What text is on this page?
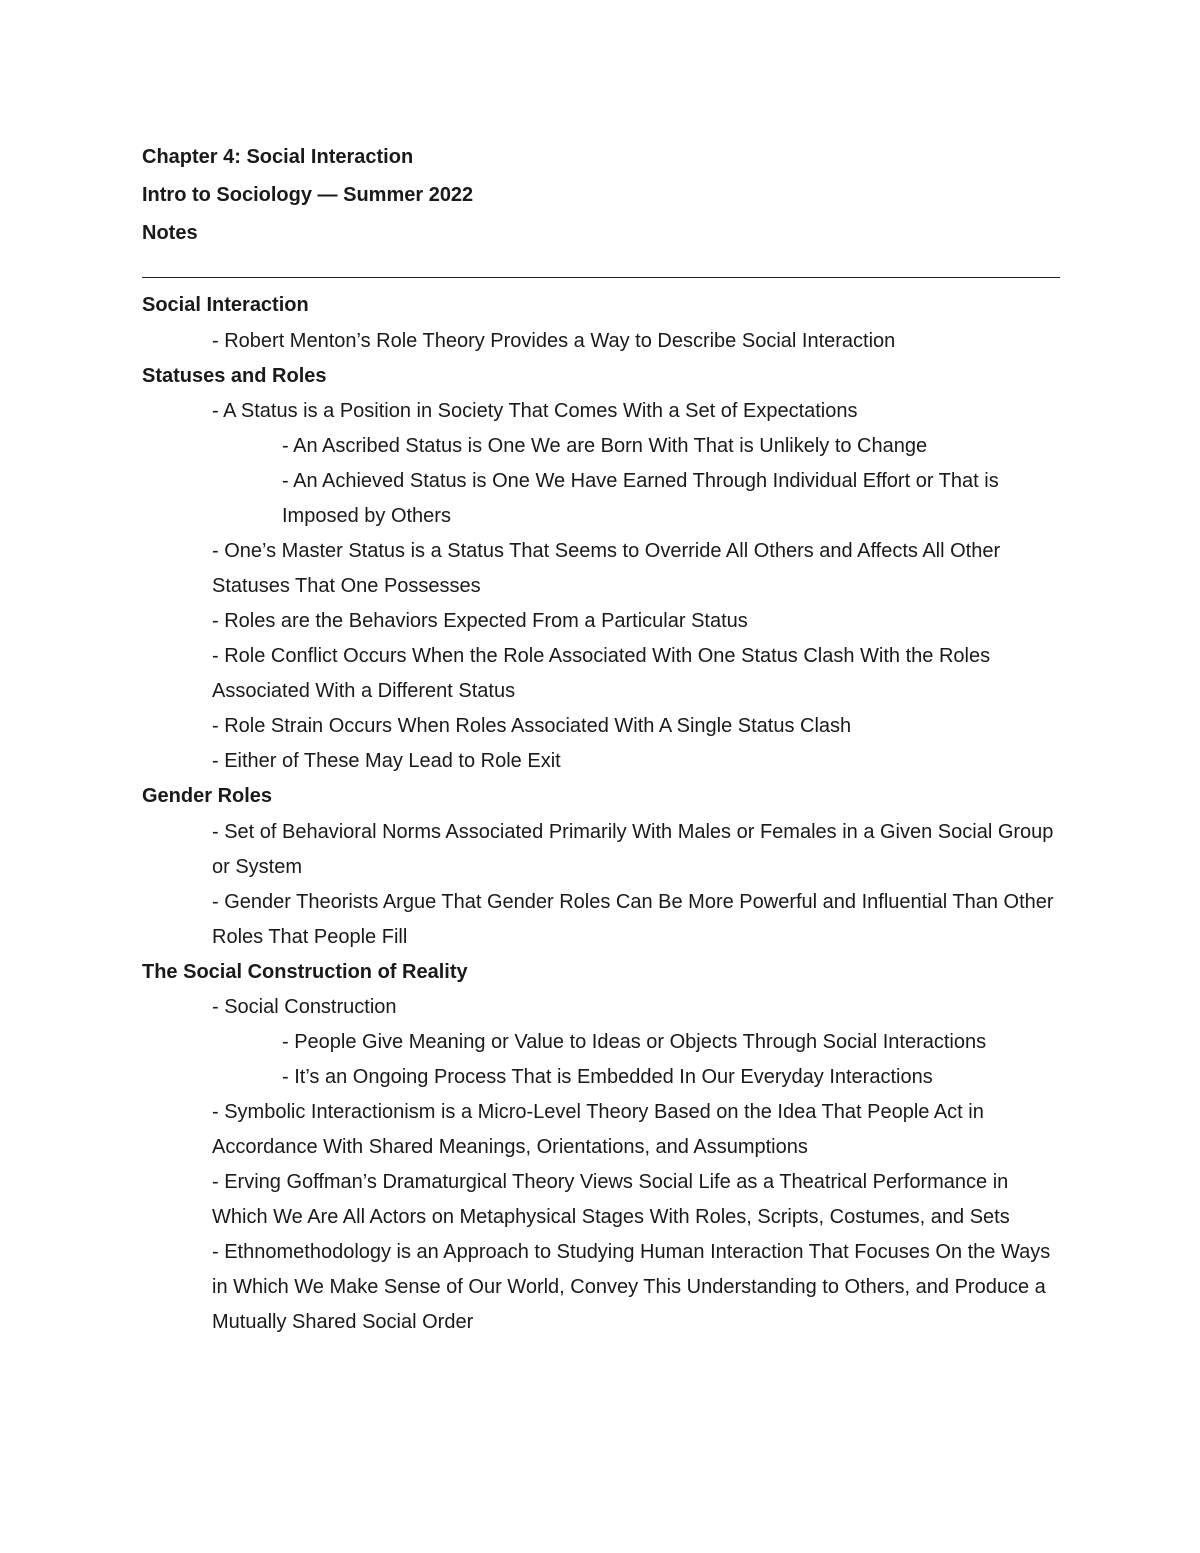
Chapter 4: Social Interaction
Intro to Sociology — Summer 2022
Notes
Social Interaction
- Robert Menton’s Role Theory Provides a Way to Describe Social Interaction
Statuses and Roles
- A Status is a Position in Society That Comes With a Set of Expectations
- An Ascribed Status is One We are Born With That is Unlikely to Change
- An Achieved Status is One We Have Earned Through Individual Effort or That is Imposed by Others
- One’s Master Status is a Status That Seems to Override All Others and Affects All Other Statuses That One Possesses
- Roles are the Behaviors Expected From a Particular Status
- Role Conflict Occurs When the Role Associated With One Status Clash With the Roles Associated With a Different Status
- Role Strain Occurs When Roles Associated With A Single Status Clash
- Either of These May Lead to Role Exit
Gender Roles
- Set of Behavioral Norms Associated Primarily With Males or Females in a Given Social Group or System
- Gender Theorists Argue That Gender Roles Can Be More Powerful and Influential Than Other Roles That People Fill
The Social Construction of Reality
- Social Construction
- People Give Meaning or Value to Ideas or Objects Through Social Interactions
- It’s an Ongoing Process That is Embedded In Our Everyday Interactions
- Symbolic Interactionism is a Micro-Level Theory Based on the Idea That People Act in Accordance With Shared Meanings, Orientations, and Assumptions
- Erving Goffman’s Dramaturgical Theory Views Social Life as a Theatrical Performance in Which We Are All Actors on Metaphysical Stages With Roles, Scripts, Costumes, and Sets
- Ethnomethodology is an Approach to Studying Human Interaction That Focuses On the Ways in Which We Make Sense of Our World, Convey This Understanding to Others, and Produce a Mutually Shared Social Order
